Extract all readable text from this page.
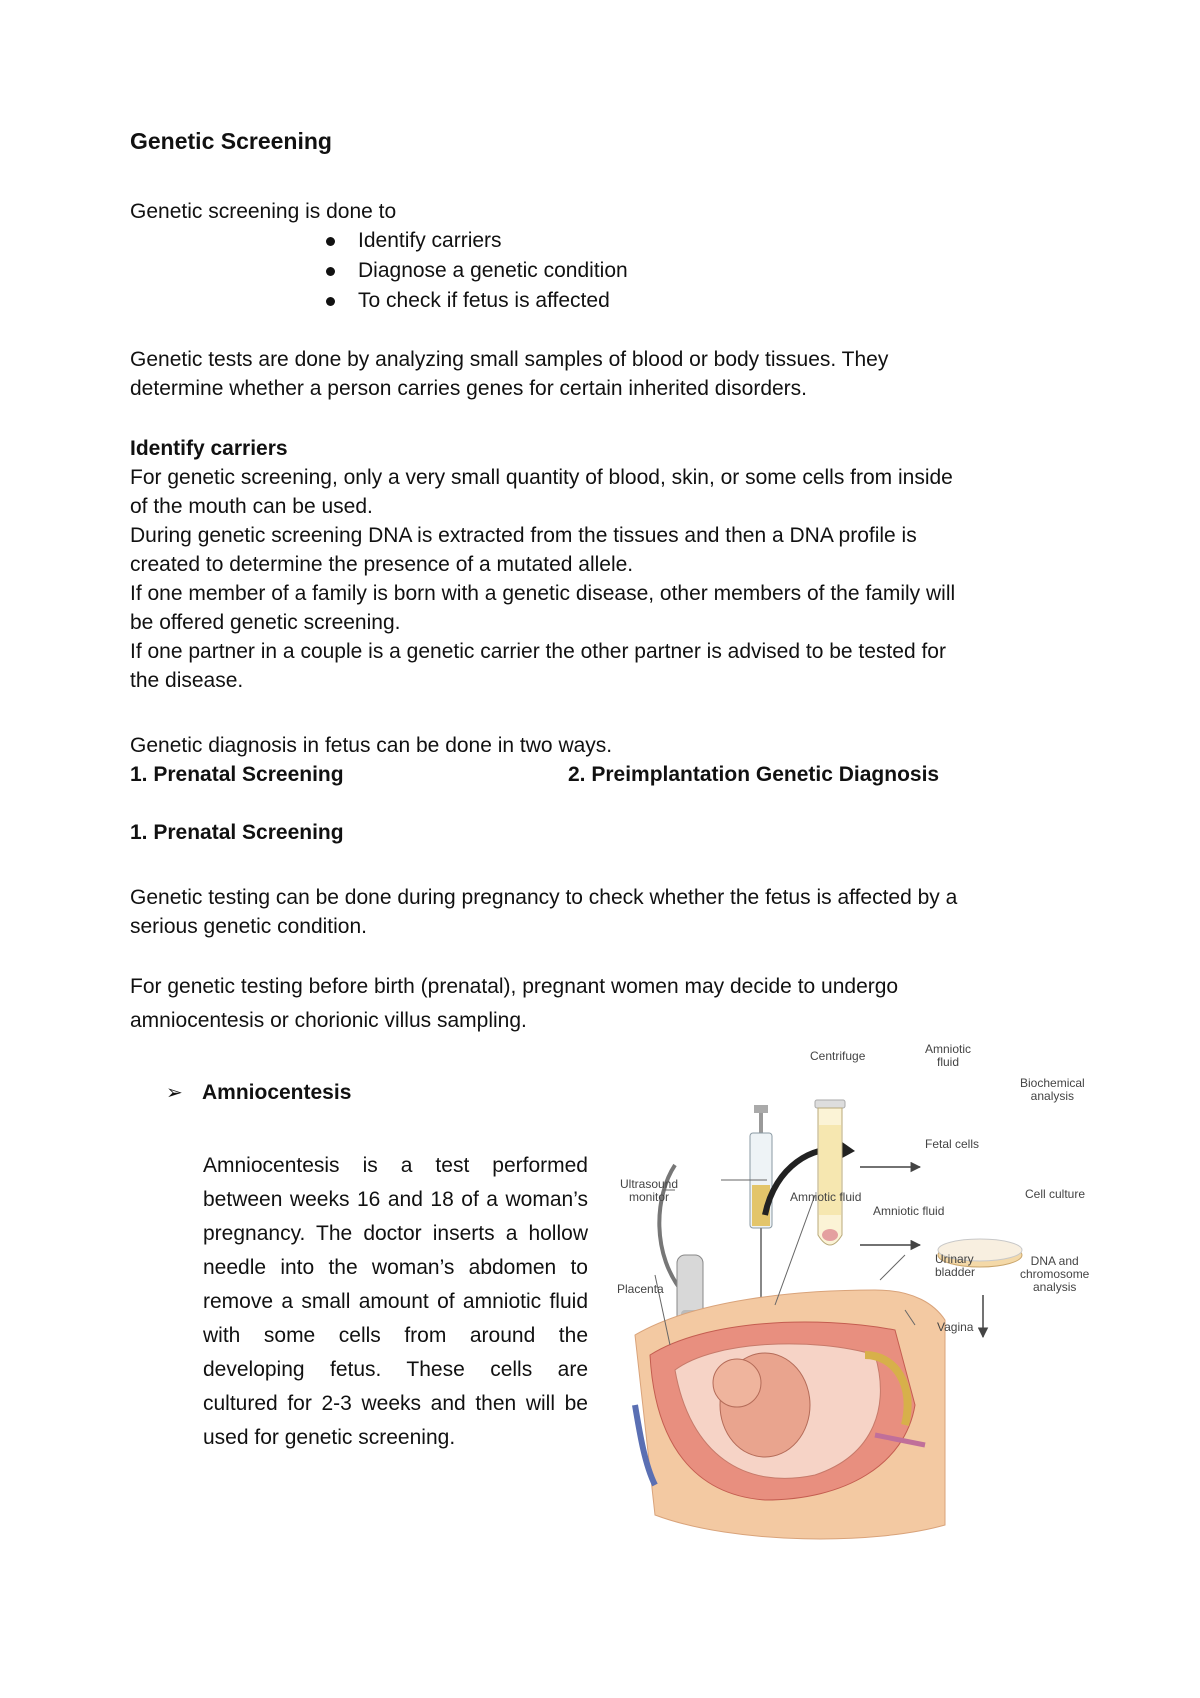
Genetic Screening

Genetic screening is done to

Identify carriers
Diagnose a genetic condition
To check if fetus is affected

Genetic tests are done by analyzing small samples of blood or body tissues. They

determine whether a person carries genes for certain inherited disorders.

Identify carriers

For genetic screening, only a very small quantity of blood, skin, or some cells from inside

of the mouth can be used.

During genetic screening DNA is extracted from the tissues and then a DNA profile is

created to determine the presence of a mutated allele.

If one member of a family is born with a genetic disease, other members of the family will

be offered genetic screening.

If one partner in a couple is a genetic carrier the other partner is advised to be tested for

the disease.

Genetic diagnosis in fetus can be done in two ways.

1. Prenatal Screening	2. Preimplantation Genetic Diagnosis

1. Prenatal Screening

Genetic testing can be done during pregnancy to check whether the fetus is affected by a

serious genetic condition.

For genetic testing before birth (prenatal), pregnant women may decide to undergo

amniocentesis or chorionic villus sampling.

➢ Amniocentesis

Amniocentesis is a test performed between weeks 16 and 18 of a woman’s pregnancy. The doctor inserts a hollow needle into the woman’s abdomen to remove a small amount of amniotic fluid with some cells from around the developing fetus. These cells are cultured for 2-3 weeks and then will be used for genetic screening.

Centrifuge	Amniotic
fluid
Biochemical
analysis
Fetal cells
Cell culture
Ultrasound
monitor	Amniotic fluid
Amniotic fluid
Placenta
Urinary
bladder
Vagina
DNA and
chromosome
analysis
